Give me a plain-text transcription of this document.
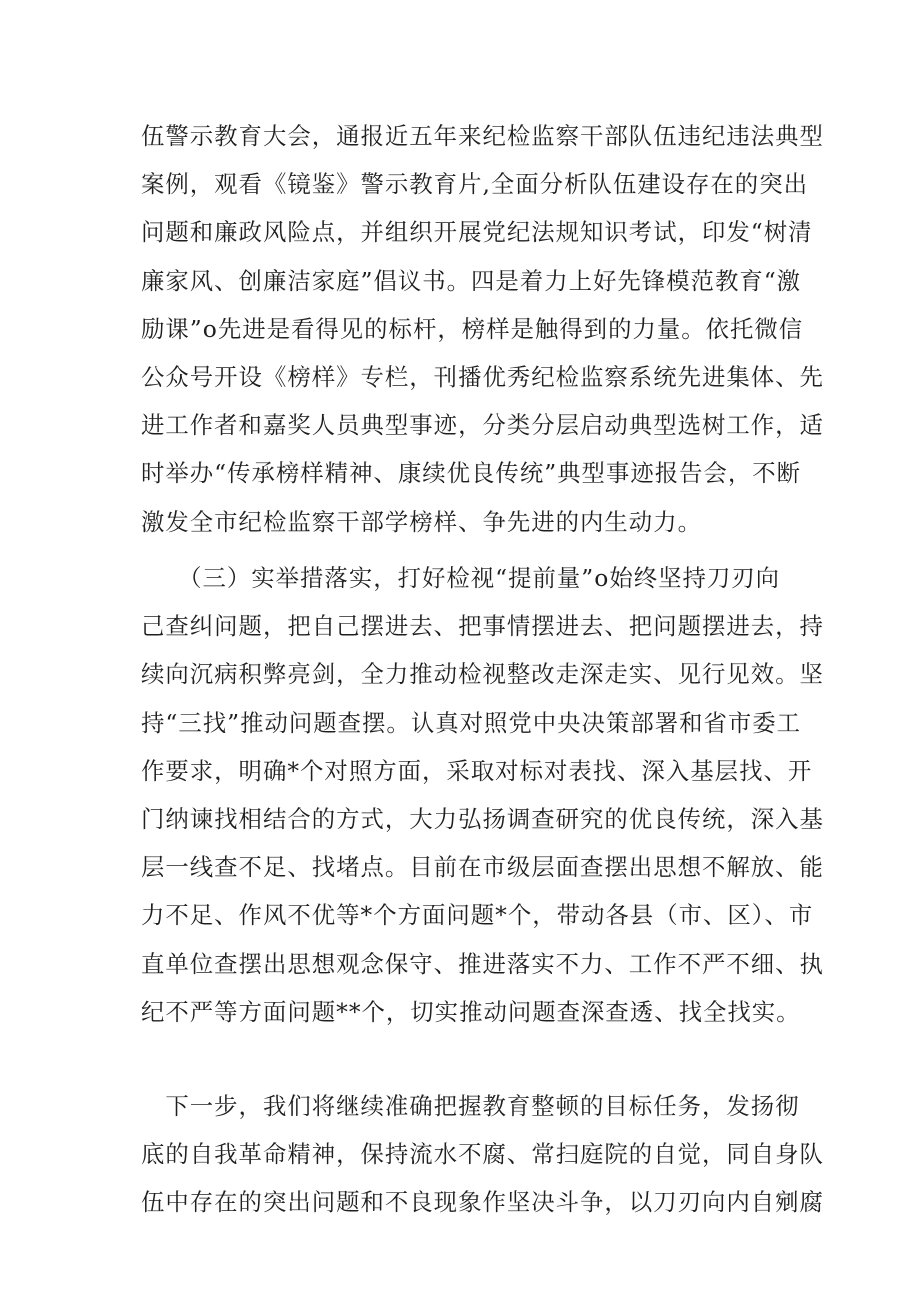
伍警示教育大会，通报近五年来纪检监察干部队伍违纪违法典型
案例，观看《镜鉴》警示教育片,全面分析队伍建设存在的突出
问题和廉政风险点，并组织开展党纪法规知识考试，印发“树清
廉家风、创廉洁家庭”倡议书。四是着力上好先锋模范教育“激
励课”o先进是看得见的标杆，榜样是触得到的力量。依托微信
公众号开设《榜样》专栏，刊播优秀纪检监察系统先进集体、先
进工作者和嘉奖人员典型事迹，分类分层启动典型选树工作，适
时举办“传承榜样精神、康续优良传统”典型事迹报告会，不断
激发全市纪检监察干部学榜样、争先进的内生动力。
　　（三）实举措落实，打好检视“提前量”o始终坚持刀刃向
己查纠问题，把自己摆进去、把事情摆进去、把问题摆进去，持
续向沉病积弊亮剑，全力推动检视整改走深走实、见行见效。坚
持“三找”推动问题查摆。认真对照党中央决策部署和省市委工
作要求，明确*个对照方面，采取对标对表找、深入基层找、开
门纳谏找相结合的方式，大力弘扬调查研究的优良传统，深入基
层一线查不足、找堵点。目前在市级层面查摆出思想不解放、能
力不足、作风不优等*个方面问题*个，带动各县（市、区）、市
直单位查摆出思想观念保守、推进落实不力、工作不严不细、执
纪不严等方面问题**个，切实推动问题查深查透、找全找实。
　下一步，我们将继续准确把握教育整顿的目标任务，发扬彻
底的自我革命精神，保持流水不腐、常扫庭院的自觉，同自身队
伍中存在的突出问题和不良现象作坚决斗争，以刀刃向内自剜腐
